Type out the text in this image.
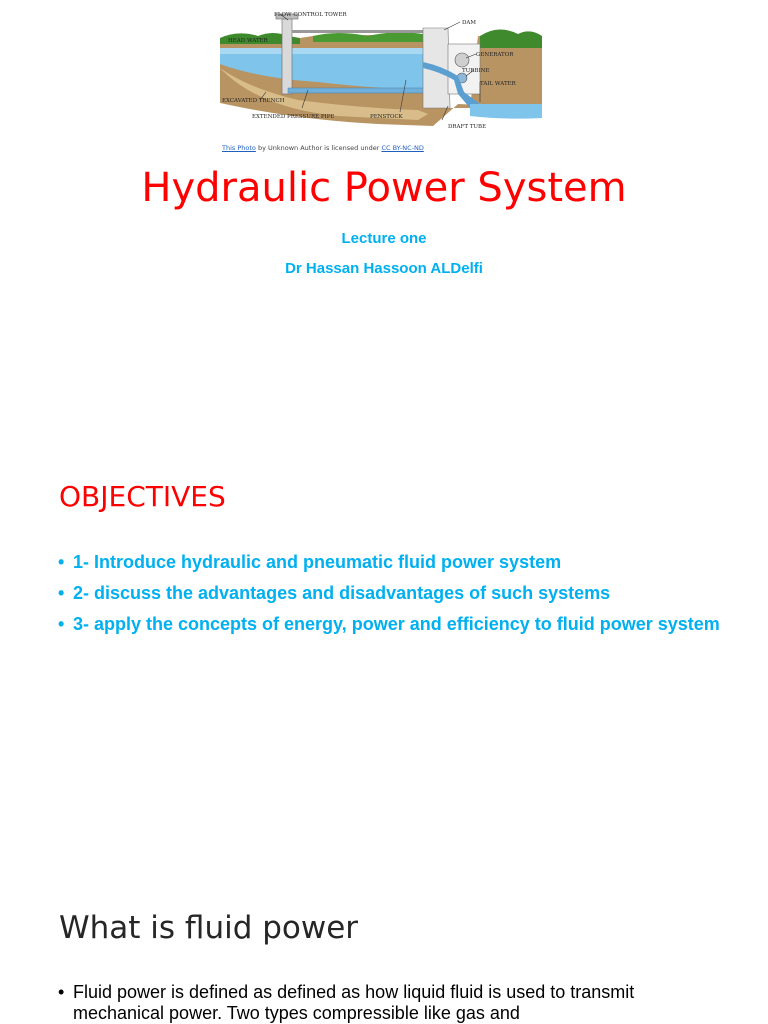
FLOW CONTROL TOWER
DAM
HEAD WATER
GENERATOR
TURBINE
TAIL WATER
EXCAVATED TRENCH
EXTENDED PRESSURE PIPE	PENSTOCK
DRAFT TUBE
This Photo by Unknown Author is licensed under CC BY-NC-ND
Hydraulic Power System
Lecture one
Dr Hassan Hassoon ALDelfi
OBJECTIVES
• 1- Introduce hydraulic and pneumatic fluid power system
• 2- discuss the advantages and disadvantages of such systems
• 3- apply the concepts of energy, power and efficiency to fluid power system
What is fluid power
• Fluid power is defined as defined as how liquid fluid is used to transmit mechanical power. Two types compressible like gas and
